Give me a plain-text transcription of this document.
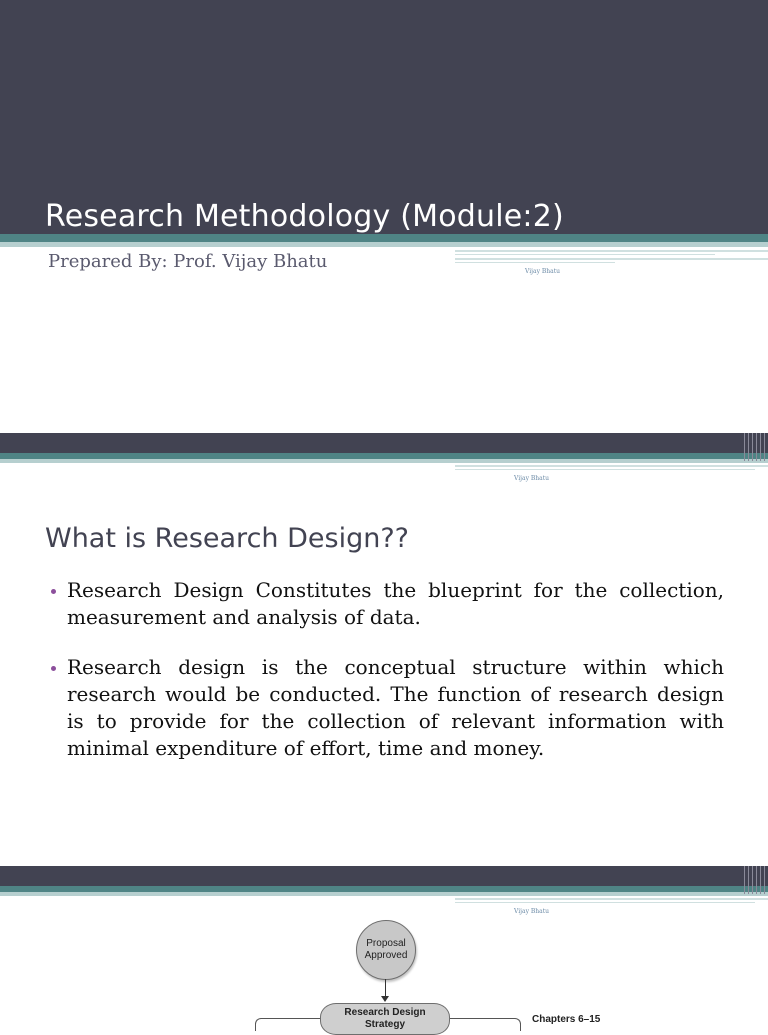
Research Methodology (Module:2)
Prepared By: Prof. Vijay Bhatu	Vijay Bhatu
Vijay Bhatu
What is Research Design??
Research Design Constitutes the blueprint for the collection, measurement and analysis of data.
Research design is the conceptual structure within which research would be conducted. The function of research design is to provide for the collection of relevant information with minimal expenditure of effort, time and money.
Vijay Bhatu
Proposal
Approved
Research Design
Strategy	Chapters 6–15
